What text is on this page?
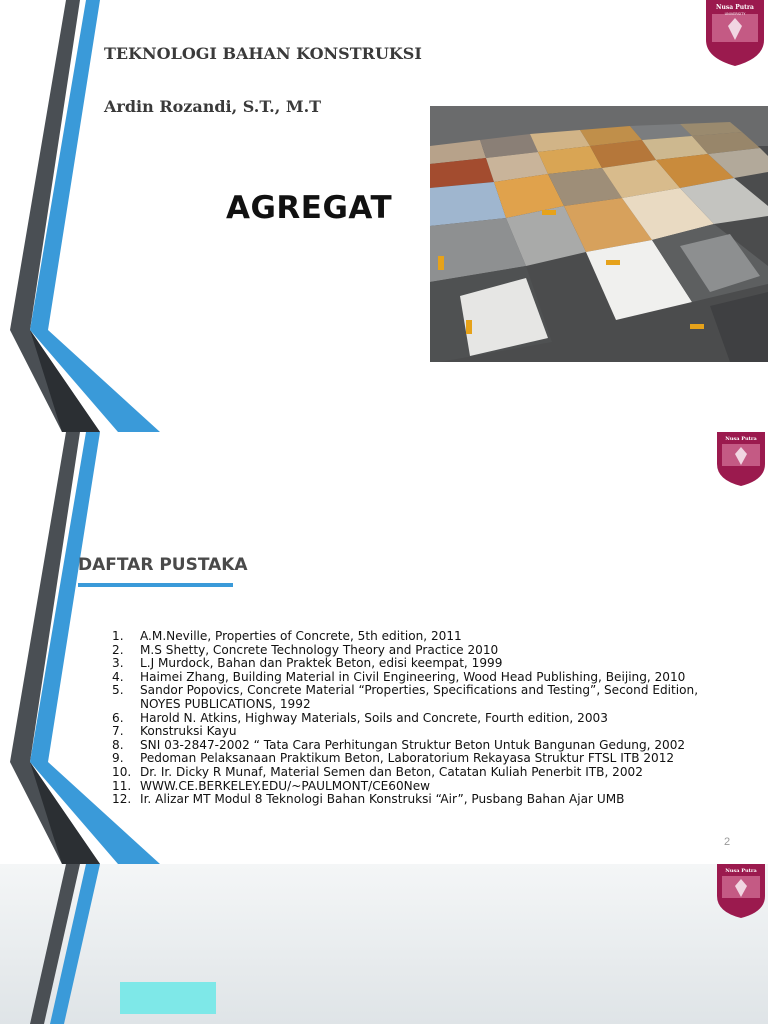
TEKNOLOGI BAHAN KONSTRUKSI
Ardin Rozandi, S.T., M.T
AGREGAT
Nusa Putra
UNIVERSITY
Nusa Putra
DAFTAR PUSTAKA
1.	A.M.Neville, Properties of Concrete, 5th edition, 2011
2.	M.S Shetty, Concrete Technology Theory and Practice 2010
3.	L.J Murdock, Bahan dan Praktek Beton, edisi keempat, 1999
4.	Haimei Zhang, Building Material in Civil Engineering, Wood Head Publishing, Beijing, 2010
5.	Sandor Popovics, Concrete Material “Properties, Specifications and Testing”, Second Edition, NOYES PUBLICATIONS, 1992
6.	Harold N. Atkins, Highway Materials, Soils and Concrete, Fourth edition, 2003
7.	Konstruksi Kayu
8.	SNI 03-2847-2002 “ Tata Cara Perhitungan Struktur Beton Untuk Bangunan Gedung, 2002
9.	Pedoman Pelaksanaan Praktikum Beton, Laboratorium Rekayasa Struktur FTSL ITB 2012
10. Dr. Ir. Dicky R Munaf, Material Semen dan Beton, Catatan Kuliah Penerbit ITB, 2002
11. WWW.CE.BERKELEY.EDU/~PAULMONT/CE60New
12. Ir. Alizar MT Modul 8 Teknologi Bahan Konstruksi “Air”, Pusbang Bahan Ajar UMB
2
Nusa Putra
